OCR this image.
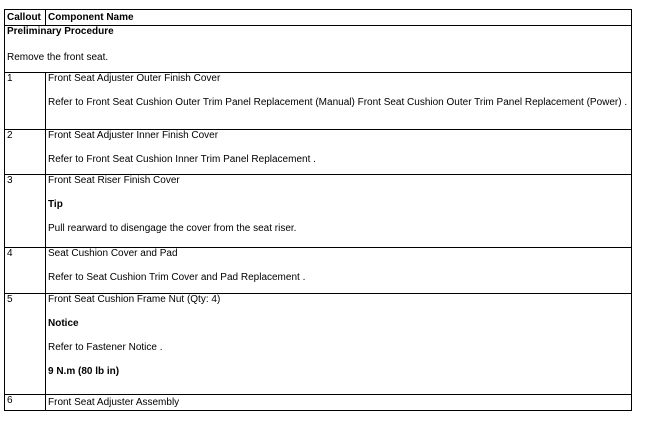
Callout	Component Name

Preliminary Procedure
Remove the front seat.	

1	Front Seat Adjuster Outer Finish Cover
Refer to Front Seat Cushion Outer Trim Panel Replacement (Manual) Front Seat Cushion Outer Trim Panel Replacement (Power) .

2	Front Seat Adjuster Inner Finish Cover
Refer to Front Seat Cushion Inner Trim Panel Replacement .

3	Front Seat Riser Finish Cover
Tip
Pull rearward to disengage the cover from the seat riser.

4	Seat Cushion Cover and Pad
Refer to Seat Cushion Trim Cover and Pad Replacement .

5	Front Seat Cushion Frame Nut (Qty: 4)
Notice
Refer to Fastener Notice .
9 N.m (80 lb in)

6	Front Seat Adjuster Assembly
